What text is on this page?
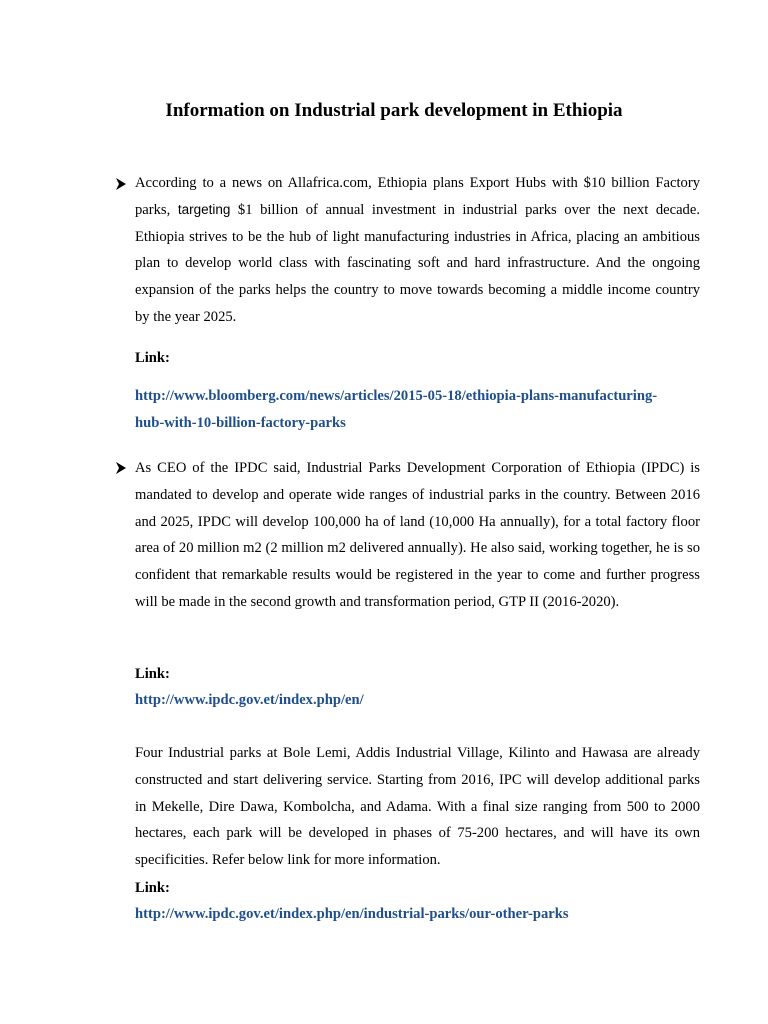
Information on Industrial park development in Ethiopia
According to a news on Allafrica.com, Ethiopia plans Export Hubs with $10 billion Factory parks, targeting $1 billion of annual investment in industrial parks over the next decade. Ethiopia strives to be the hub of light manufacturing industries in Africa, placing an ambitious plan to develop world class with fascinating soft and hard infrastructure. And the ongoing expansion of the parks helps the country to move towards becoming a middle income country by the year 2025.
Link:
http://www.bloomberg.com/news/articles/2015-05-18/ethiopia-plans-manufacturing-
hub-with-10-billion-factory-parks
As CEO of the IPDC said, Industrial Parks Development Corporation of Ethiopia (IPDC) is mandated to develop and operate wide ranges of industrial parks in the country. Between 2016 and 2025, IPDC will develop 100,000 ha of land (10,000 Ha annually), for a total factory floor area of 20 million m2 (2 million m2 delivered annually). He also said, working together, he is so confident that remarkable results would be registered in the year to come and further progress will be made in the second growth and transformation period, GTP II (2016-2020).
Link:
http://www.ipdc.gov.et/index.php/en/
Four Industrial parks at Bole Lemi, Addis Industrial Village, Kilinto and Hawasa are already constructed and start delivering service. Starting from 2016, IPC will develop additional parks in Mekelle, Dire Dawa, Kombolcha, and Adama. With a final size ranging from 500 to 2000 hectares, each park will be developed in phases of 75-200 hectares, and will have its own specificities. Refer below link for more information.
Link:
http://www.ipdc.gov.et/index.php/en/industrial-parks/our-other-parks
